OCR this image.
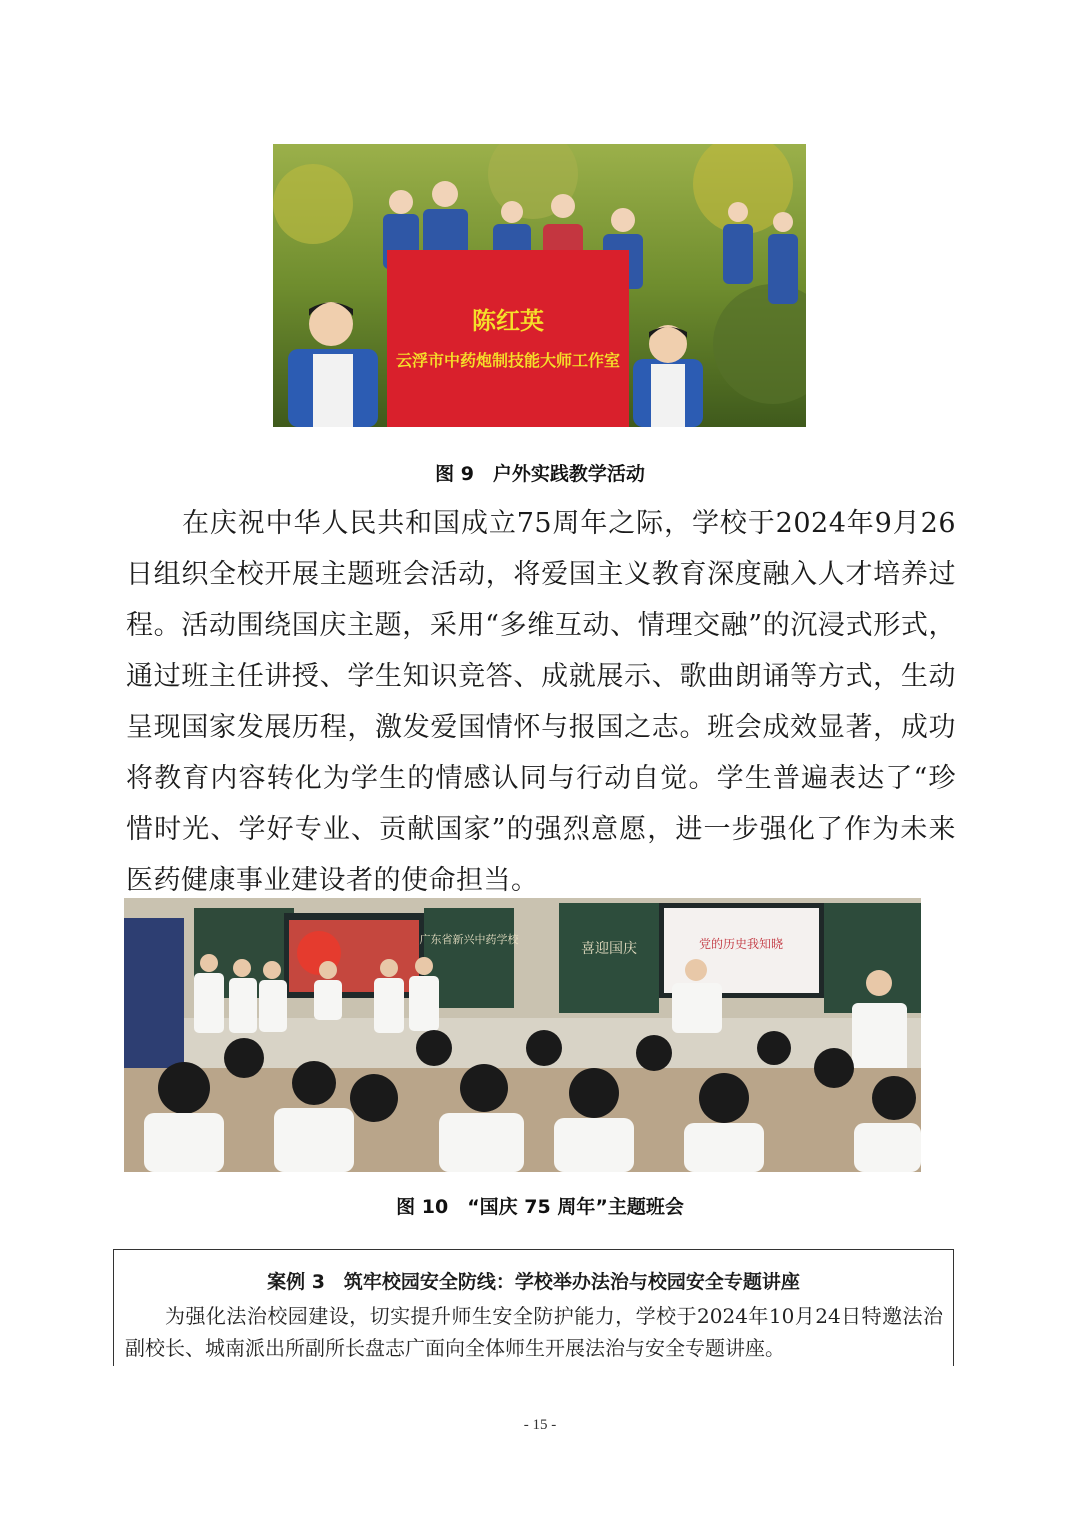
陈红英
云浮市中药炮制技能大师工作室
图 9　户外实践教学活动

在庆祝中华人民共和国成立75周年之际，学校于2024年9月26日组织全校开展主题班会活动，将爱国主义教育深度融入人才培养过程。活动围绕国庆主题，采用“多维互动、情理交融”的沉浸式形式，通过班主任讲授、学生知识竞答、成就展示、歌曲朗诵等方式，生动呈现国家发展历程，激发爱国情怀与报国之志。班会成效显著，成功将教育内容转化为学生的情感认同与行动自觉。学生普遍表达了“珍惜时光、学好专业、贡献国家”的强烈意愿，进一步强化了作为未来医药健康事业建设者的使命担当。

广东省新兴中药学校
喜迎国庆	党的历史我知晓
图 10　“国庆 75 周年”主题班会
案例 3　筑牢校园安全防线：学校举办法治与校园安全专题讲座

为强化法治校园建设，切实提升师生安全防护能力，学校于2024年10月24日特邀法治副校长、城南派出所副所长盘志广面向全体师生开展法治与安全专题讲座。

- 15 -
